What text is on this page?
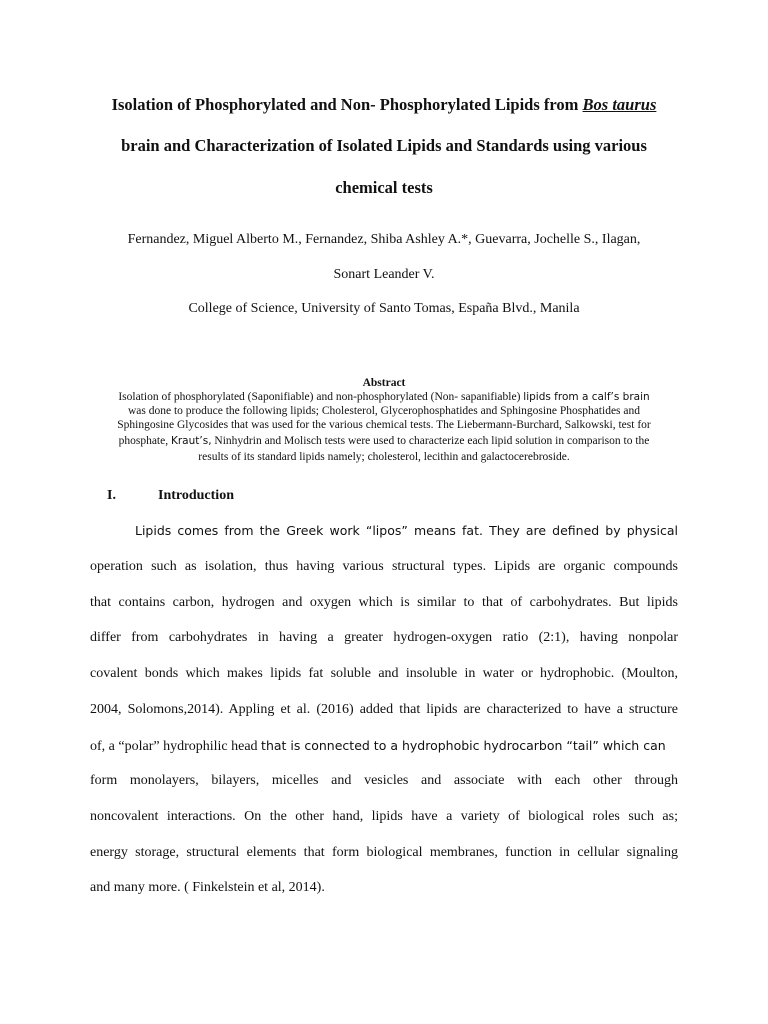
Isolation of Phosphorylated and Non- Phosphorylated Lipids from Bos taurus
brain and Characterization of Isolated Lipids and Standards using various
chemical tests
Fernandez, Miguel Alberto M., Fernandez, Shiba Ashley A.*, Guevarra, Jochelle S., Ilagan,
Sonart Leander V.
College of Science, University of Santo Tomas, España Blvd., Manila
Abstract
Isolation of phosphorylated (Saponifiable) and non-phosphorylated (Non- sapanifiable) lipids from a calf’s brain
was done to produce the following lipids; Cholesterol, Glycerophosphatides and Sphingosine Phosphatides and
Sphingosine Glycosides that was used for the various chemical tests. The Liebermann-Burchard, Salkowski, test for
phosphate, Kraut’s, Ninhydrin and Molisch tests were used to characterize each lipid solution in comparison to the
results of its standard lipids namely; cholesterol, lecithin and galactocerebroside.
I.	Introduction
Lipids comes from the Greek work “lipos” means fat. They are defined by physical
operation such as isolation, thus having various structural types. Lipids are organic compounds
that contains carbon, hydrogen and oxygen which is similar to that of carbohydrates. But lipids
differ from carbohydrates in having a greater hydrogen-oxygen ratio (2:1), having nonpolar
covalent bonds which makes lipids fat soluble and insoluble in water or hydrophobic. (Moulton,
2004, Solomons,2014). Appling et al. (2016) added that lipids are characterized to have a structure
of, a “polar” hydrophilic head that is connected to a hydrophobic hydrocarbon “tail” which can
form monolayers, bilayers, micelles and vesicles and associate with each other through
noncovalent interactions. On the other hand, lipids have a variety of biological roles such as;
energy storage, structural elements that form biological membranes, function in cellular signaling
and many more. ( Finkelstein et al, 2014).
